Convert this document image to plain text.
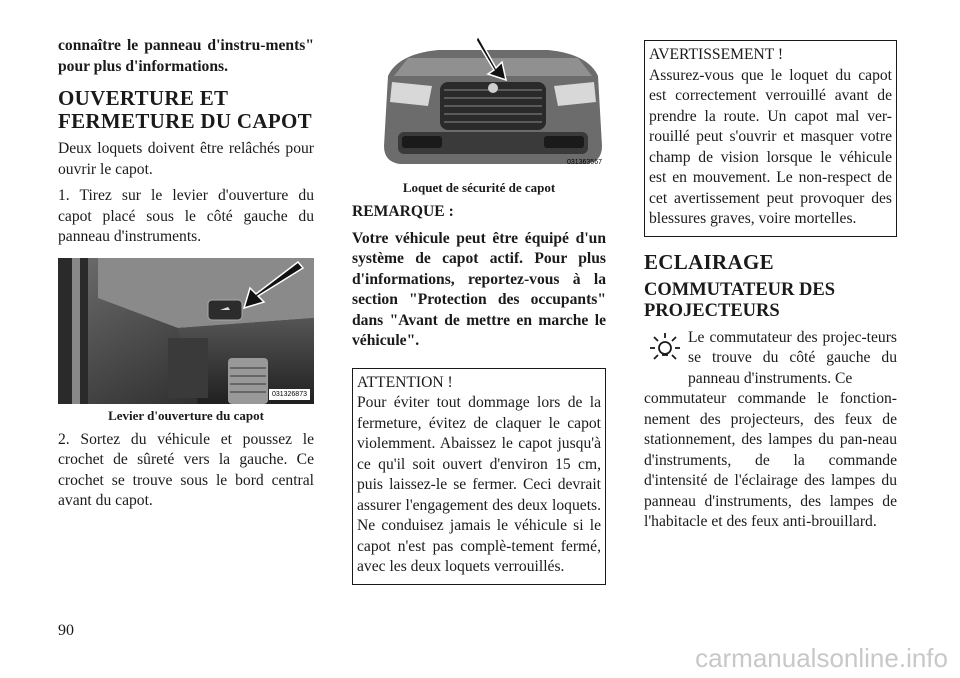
connaître le panneau d'instru-ments" pour plus d'informations.

OUVERTURE ET FERMETURE DU CAPOT

Deux loquets doivent être relâchés pour ouvrir le capot.

1. Tirez sur le levier d'ouverture du capot placé sous le côté gauche du panneau d'instruments.

031326873
Levier d'ouverture du capot

2. Sortez du véhicule et poussez le crochet de sûreté vers la gauche. Ce crochet se trouve sous le bord central avant du capot.

031363567
Loquet de sécurité de capot

REMARQUE :

Votre véhicule peut être équipé d'un système de capot actif. Pour plus d'informations, reportez-vous à la section "Protection des occupants" dans "Avant de mettre en marche le véhicule".

ATTENTION !

Pour éviter tout dommage lors de la fermeture, évitez de claquer le capot violemment. Abaissez le capot jusqu'à ce qu'il soit ouvert d'environ 15 cm, puis laissez-le se fermer. Ceci devrait assurer l'engagement des deux loquets. Ne conduisez jamais le véhicule si le capot n'est pas complè-tement fermé, avec les deux loquets verrouillés.

AVERTISSEMENT !

Assurez-vous que le loquet du capot est correctement verrouillé avant de prendre la route. Un capot mal ver-rouillé peut s'ouvrir et masquer votre champ de vision lorsque le véhicule est en mouvement. Le non-respect de cet avertissement peut provoquer des blessures graves, voire mortelles.

ECLAIRAGE
COMMUTATEUR DES PROJECTEURS

Le commutateur des projec-teurs se trouve du côté gauche du panneau d'instruments. Ce

commutateur commande le fonction-nement des projecteurs, des feux de stationnement, des lampes du pan-neau d'instruments, de la commande d'intensité de l'éclairage des lampes du panneau d'instruments, des lampes de l'habitacle et des feux anti-brouillard.

90
carmanualsonline.info
